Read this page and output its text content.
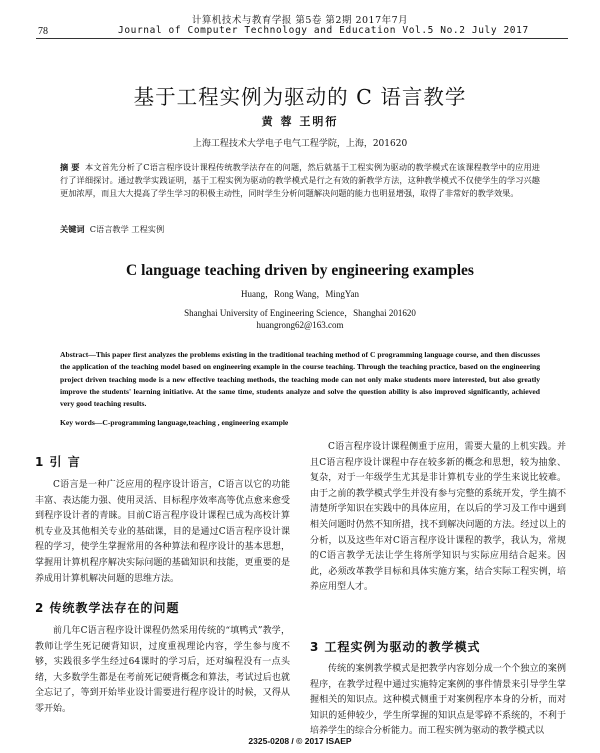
78
计算机技术与教育学报 第5卷 第2期 2017年7月
Journal of Computer Technology and Education Vol.5 No.2 July 2017
基于工程实例为驱动的 C 语言教学
黄 蓉 王明衎
上海工程技术大学电子电气工程学院，上海，201620
摘 要 本文首先分析了C语言程序设计课程传统教学法存在的问题，然后就基于工程实例为驱动的教学模式在该课程教学中的应用进行了详细探讨。通过教学实践证明，基于工程实例为驱动的教学模式是行之有效的新教学方法，这种教学模式不仅使学生的学习兴趣更加浓厚，而且大大提高了学生学习的积极主动性，同时学生分析问题解决问题的能力也明显增强，取得了非常好的教学效果。
关键词 C语言教学 工程实例
C language teaching driven by engineering examples
Huang，Rong Wang，MingYan
Shanghai University of Engineering Science，Shanghai 201620
huangrong62@163.com
Abstract—This paper first analyzes the problems existing in the traditional teaching method of C programming language course, and then discusses the application of the teaching model based on engineering example in the course teaching. Through the teaching practice, based on the engineering project driven teaching mode is a new effective teaching methods, the teaching mode can not only make students more interested, but also greatly improve the students' learning initiative. At the same time, students analyze and solve the question ability is also improved significantly, achieved very good teaching results.
Key words—C-programming language,teaching , engineering example
1 引 言

C语言是一种广泛应用的程序设计语言，C语言以它的功能丰富、表达能力强、使用灵活、目标程序效率高等优点愈来愈受到程序设计者的青睐。目前C语言程序设计课程已成为高校计算机专业及其他相关专业的基础课，目的是通过C语言程序设计课程的学习，使学生掌握常用的各种算法和程序设计的基本思想，掌握用计算机程序解决实际问题的基础知识和技能，更重要的是养成用计算机解决问题的思维方法。

2 传统教学法存在的问题

前几年C语言程序设计课程仍然采用传统的“填鸭式”教学，教师让学生死记硬背知识，过度重视理论内容，学生参与度不够，实践很多学生经过64课时的学习后，还对编程没有一点头绪，大多数学生都是在考前死记硬背概念和算法，考试过后也就全忘记了，等到开始毕业设计需要进行程序设计的时候，又得从零开始。

C语言程序设计课程侧重于应用，需要大量的上机实践。并且C语言程序设计课程中存在较多新的概念和思想，较为抽象、复杂，对于一年级学生尤其是非计算机专业的学生来说比较难。由于之前的教学模式学生并没有参与完整的系统开发，学生搞不清楚所学知识在实践中的具体应用，在以后的学习及工作中遇到相关问题时仍然不知所措，找不到解决问题的方法。经过以上的分析，以及这些年对C语言程序设计课程的教学，我认为，常规的C语言教学无法让学生将所学知识与实际应用结合起来。因此，必须改革教学目标和具体实施方案，结合实际工程实例，培养应用型人才。

3 工程实例为驱动的教学模式

传统的案例教学模式是把教学内容划分成一个个独立的案例程序，在教学过程中通过实施特定案例的事件情景来引导学生掌握相关的知识点。这种模式侧重于对案例程序本身的分析，而对知识的延伸较少，学生所掌握的知识点是零碎不系统的，不利于培养学生的综合分析能力。而工程实例为驱动的教学模式以

2325-0208 / © 2017 ISAEP
